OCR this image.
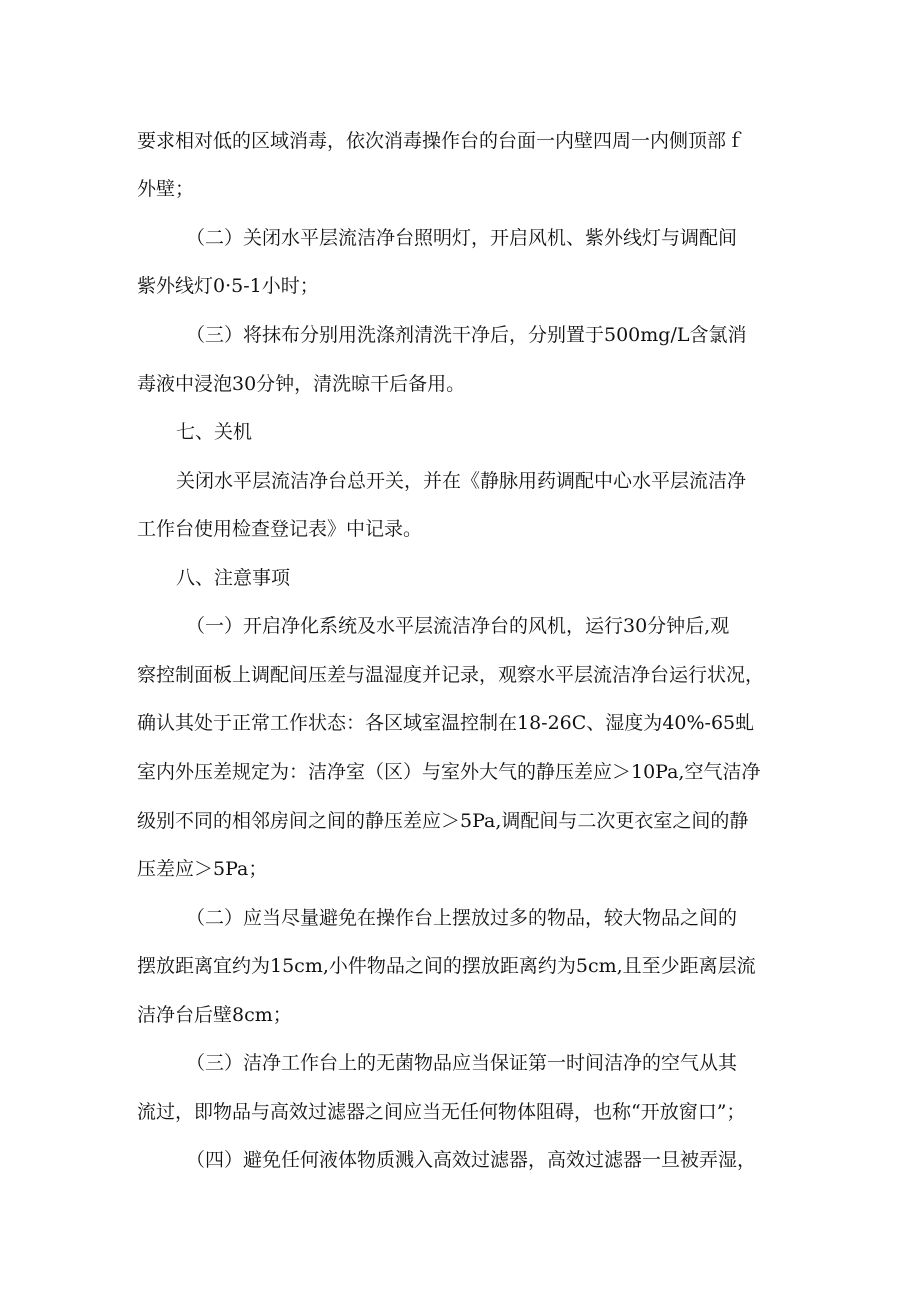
要求相对低的区域消毒，依次消毒操作台的台面一内壁四周一内侧顶部ｆ
外壁；
（二）关闭水平层流洁净台照明灯，开启风机、紫外线灯与调配间
紫外线灯0·5-1小时；
（三）将抹布分别用洗涤剂清洗干净后，分别置于500mg∕L含氯消
毒液中浸泡30分钟，清洗晾干后备用。
七、关机
关闭水平层流洁净台总开关，并在《静脉用药调配中心水平层流洁净
工作台使用检查登记表》中记录。
八、注意事项
（一）开启净化系统及水平层流洁净台的风机，运行30分钟后,观
察控制面板上调配间压差与温湿度并记录，观察水平层流洁净台运行状况，
确认其处于正常工作状态：各区域室温控制在18-26C、湿度为40%-65虬
室内外压差规定为：洁净室（区）与室外大气的静压差应＞10Pa,空气洁净
级别不同的相邻房间之间的静压差应＞5Pa,调配间与二次更衣室之间的静
压差应＞5Pa；
（二）应当尽量避免在操作台上摆放过多的物品，较大物品之间的
摆放距离宜约为15cm,小件物品之间的摆放距离约为5cm,且至少距离层流
洁净台后壁8cm；
（三）洁净工作台上的无菌物品应当保证第一时间洁净的空气从其
流过，即物品与高效过滤器之间应当无任何物体阻碍，也称“开放窗口”；
（四）避免任何液体物质溅入高效过滤器，高效过滤器一旦被弄湿，
